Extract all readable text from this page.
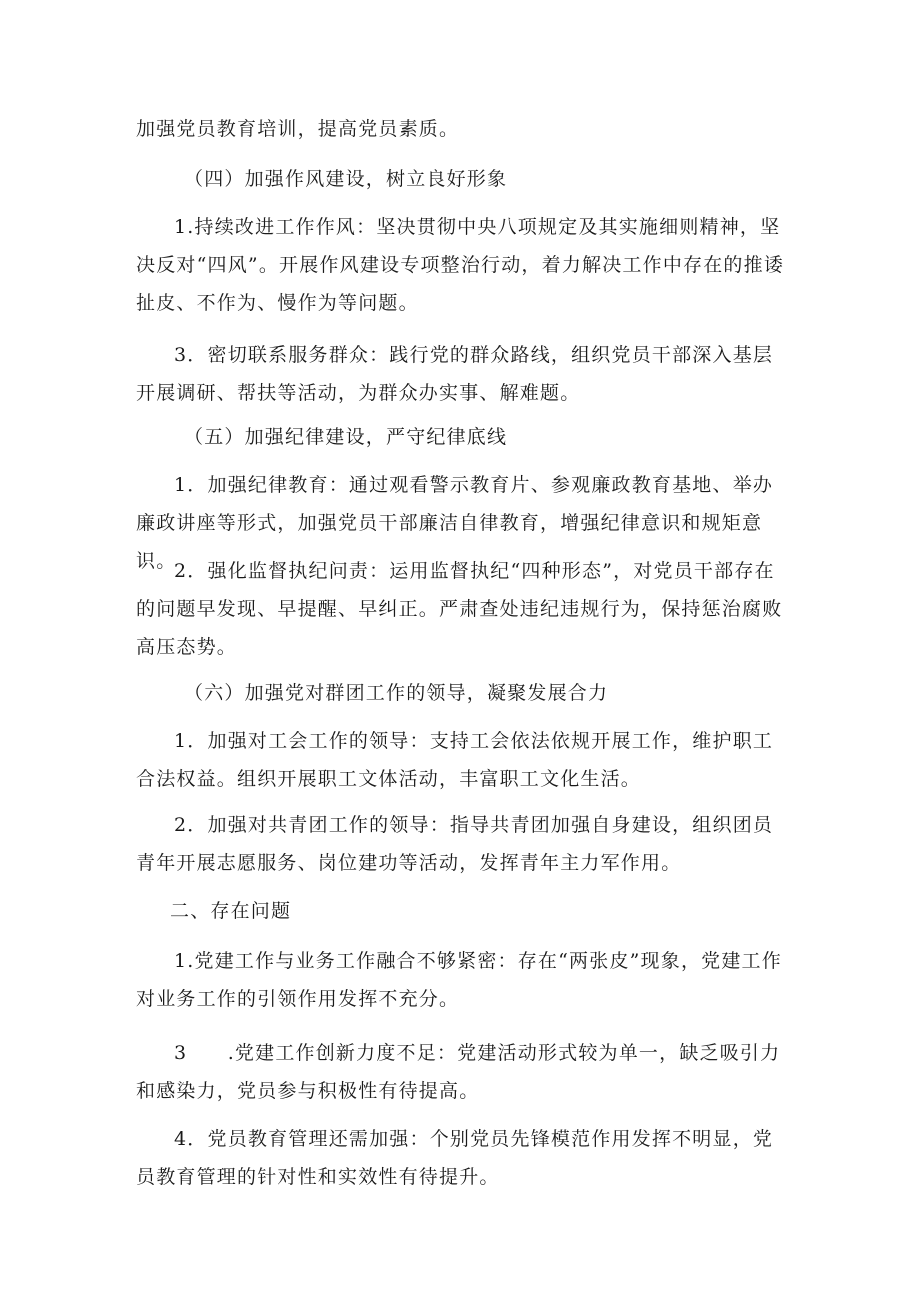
加强党员教育培训，提高党员素质。

（四）加强作风建设，树立良好形象

1.持续改进工作作风：坚决贯彻中央八项规定及其实施细则精神，坚决反对“四风”。开展作风建设专项整治行动，着力解决工作中存在的推诿扯皮、不作为、慢作为等问题。

3．密切联系服务群众：践行党的群众路线，组织党员干部深入基层开展调研、帮扶等活动，为群众办实事、解难题。

（五）加强纪律建设，严守纪律底线

1．加强纪律教育：通过观看警示教育片、参观廉政教育基地、举办廉政讲座等形式，加强党员干部廉洁自律教育，增强纪律意识和规矩意识。

2．强化监督执纪问责：运用监督执纪“四种形态”，对党员干部存在的问题早发现、早提醒、早纠正。严肃查处违纪违规行为，保持惩治腐败高压态势。

（六）加强党对群团工作的领导，凝聚发展合力

1．加强对工会工作的领导：支持工会依法依规开展工作，维护职工合法权益。组织开展职工文体活动，丰富职工文化生活。

2．加强对共青团工作的领导：指导共青团加强自身建设，组织团员青年开展志愿服务、岗位建功等活动，发挥青年主力军作用。

二、存在问题

1.党建工作与业务工作融合不够紧密：存在“两张皮”现象，党建工作对业务工作的引领作用发挥不充分。

3　　.党建工作创新力度不足：党建活动形式较为单一，缺乏吸引力和感染力，党员参与积极性有待提高。

4．党员教育管理还需加强：个别党员先锋模范作用发挥不明显，党员教育管理的针对性和实效性有待提升。
